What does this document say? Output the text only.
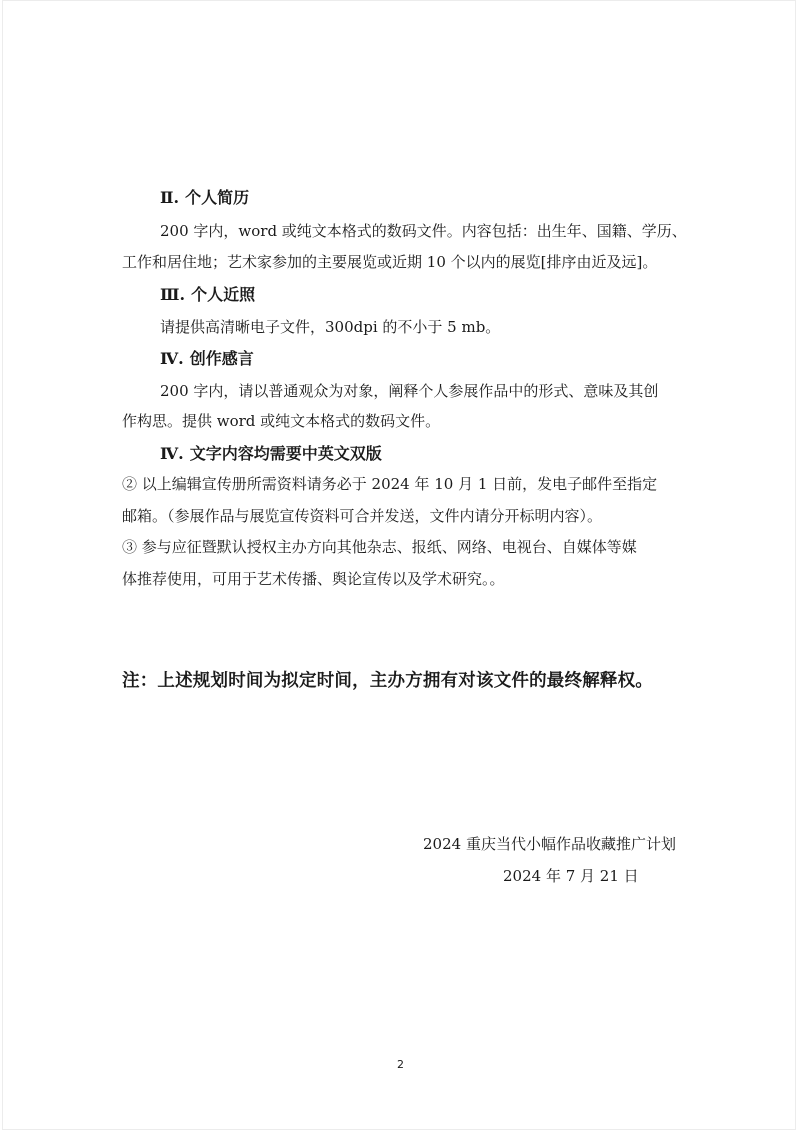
Ⅱ. 个人简历
200 字内，word 或纯文本格式的数码文件。内容包括：出生年、国籍、学历、
工作和居住地；艺术家参加的主要展览或近期 10 个以内的展览[排序由近及远]。
Ⅲ. 个人近照
请提供高清晰电子文件，300dpi 的不小于 5 mb。
Ⅳ. 创作感言
200 字内，请以普通观众为对象，阐释个人参展作品中的形式、意味及其创
作构思。提供 word 或纯文本格式的数码文件。
Ⅳ. 文字内容均需要中英文双版
② 以上编辑宣传册所需资料请务必于 2024 年 10 月 1 日前，发电子邮件至指定
邮箱。（参展作品与展览宣传资料可合并发送，文件内请分开标明内容）。
③ 参与应征暨默认授权主办方向其他杂志、报纸、网络、电视台、自媒体等媒
体推荐使用，可用于艺术传播、舆论宣传以及学术研究。。
注：上述规划时间为拟定时间，主办方拥有对该文件的最终解释权。
2024 重庆当代小幅作品收藏推广计划
2024 年 7 月 21 日
2
